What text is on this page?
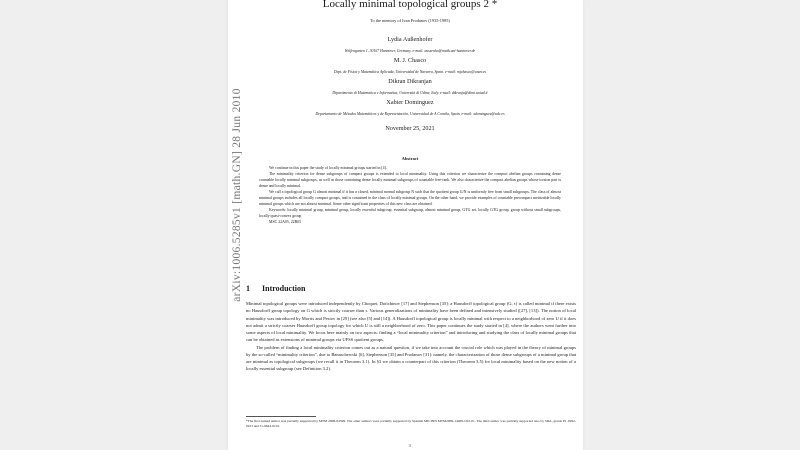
arXiv:1006.5285v1 [math.GN] 28 Jun 2010
Locally minimal topological groups 2 *
To the memory of Ivan Prodanov (1935-1985)
Lydia Außenhofer
Welfengarten 1, 30167 Hannover, Germany. e-mail: aussenho@math.uni-hannover.de
M. J. Chasco
Dept. de Física y Matemática Aplicada, Universidad de Navarra, Spain. e-mail: mjchasco@unav.es
Dikran Dikranjan
Dipartimento di Matematica e Informatica, Università di Udine, Italy. e-mail: dikranja@dimi.uniud.it
Xabier Dominguez
Departamento de Métodos Matemáticos y de Representación, Universidad de A Coruña, Spain. e-mail: xdominguez@udc.es
November 25, 2021
Abstract

We continue in this paper the study of locally minimal groups started in [4].

The minimality criterion for dense subgroups of compact groups is extended to local minimality. Using this criterion we characterize the compact abelian groups containing dense countable locally minimal subgroups, as well as those containing dense locally minimal subgroups of countable free-rank. We also characterize the compact abelian groups whose torsion part is dense and locally minimal.

We call a topological group G almost minimal if it has a closed, minimal normal subgroup N such that the quotient group G/N is uniformly free from small subgroups. The class of almost minimal groups includes all locally compact groups, and is contained in the class of locally minimal groups. On the other hand, we provide examples of countable precompact metrizable locally minimal groups which are not almost minimal. Some other significant properties of this new class are obtained.

Keywords: locally minimal group, minimal group, locally essential subgroup, essential subgroup, almost minimal group, GTG set, locally GTG group, group without small subgroups, locally quasi-convex group

MSC 22A05, 22B05

1 Introduction

Minimal topological groups were introduced independently by Choquet, Doïtchinov [17] and Stephenson [35]: a Hausdorff topological group (G, τ) is called minimal if there exists no Hausdorff group topology on G which is strictly coarser than τ. Various generalizations of minimality have been defined and intensively studied ([27], [13]). The notion of local minimality was introduced by Morris and Pestov in [29] (see also [5] and [14]). A Hausdorff topological group is locally minimal with respect to a neighborhood of zero U if it does not admit a strictly coarser Hausdorff group topology for which U is still a neighborhood of zero. This paper continues the study started in [4], where the authors went further into some aspects of local minimality. We focus here mainly on two aspects: finding a “local minimality criterion” and introducing and studying the class of locally minimal groups that can be obtained as extensions of minimal groups via UFSS quotient groups.

The problem of finding a local minimality criterion comes out as a natural question, if we take into account the crucial role which was played in the theory of minimal groups by the so-called “minimality criterion”, due to Banaschewski [6], Stephenson [35] and Prodanov [31]: namely, the characterization of those dense subgroups of a minimal group that are minimal as topological subgroups (we recall it in Theorem 3.1). In §3 we obtain a counterpart of this criterion (Theorem 3.5) for local minimality based on the new notion of a locally essential subgroup (see Definition 3.2).

*The first named author was partially supported by MTM 2008-04599. The other authors were partially supported by Spanish MICINN MTM2009-14409-C02-01. The third author was partially supported also by SRA, grants P1-0292-0101 and J1-9643-0101.
1
